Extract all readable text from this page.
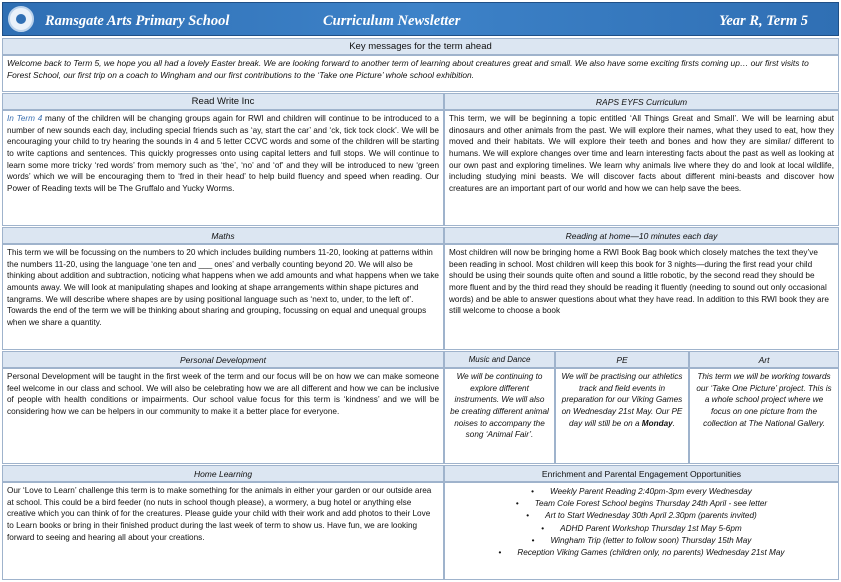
Ramsgate Arts Primary School	Curriculum Newsletter	Year R, Term 5
Key messages for the term ahead
Welcome back to Term 5, we hope you all had a lovely Easter break. We are looking forward to another term of learning about creatures great and small. We also have some exciting firsts coming up… our first visits to Forest School, our first trip on a coach to Wingham and our first contributions to the ‘Take one Picture’ whole school exhibition.
Read Write Inc	RAPS EYFS Curriculum
In Term 4 many of the children will be changing groups again for RWI and children will continue to be introduced to a number of new sounds each day, including special friends such as ‘ay, start the car’ and ‘ck, tick tock clock’. We will be encouraging your child to try hearing the sounds in 4 and 5 letter CCVC words and some of the children will be starting to write captions and sentences. This quickly progresses onto using capital letters and full stops. We will continue to learn some more tricky ‘red words’ from memory such as ‘the’, ‘no’ and ‘of’ and they will be introduced to new ‘green words’ which we will be encouraging them to ‘fred in their head’ to help build fluency and speed when reading. Our Power of Reading texts will be The Gruffalo and Yucky Worms.
This term, we will be beginning a topic entitled ‘All Things Great and Small’. We will be learning abut dinosaurs and other animals from the past. We will explore their names, what they used to eat, how they moved and their habitats. We will explore their teeth and bones and how they are similar/ different to humans. We will explore changes over time and learn interesting facts about the past as well as looking at our own past and exploring timelines. We learn why animals live where they do and look at local wildlife, including studying mini beasts. We will discover facts about different mini-beasts and discover how creatures are an important part of our world and how we can help save the bees.
Maths	Reading at home—10 minutes each day
This term we will be focussing on the numbers to 20 which includes building numbers 11-20, looking at patterns within the numbers 11-20, using the language ‘one ten and ___ ones’ and verbally counting beyond 20. We will also be thinking about addition and subtraction, noticing what happens when we add amounts and what happens when we take amounts away. We will look at manipulating shapes and looking at shape arrangements within shape pictures and tangrams. We will describe where shapes are by using positional language such as ‘next to, under, to the left of’. Towards the end of the term we will be thinking about sharing and grouping, focussing on equal and unequal groups when we share a quantity.
Most children will now be bringing home a RWI Book Bag book which closely matches the text they’ve been reading in school. Most children will keep this book for 3 nights—during the first read your child should be using their sounds quite often and sound a little robotic, by the second read they should be more fluent and by the third read they should be reading it fluently (needing to sound out only occasional words) and be able to answer questions about what they have read. In addition to this RWI book they are still welcome to choose a book
Personal Development	Music and Dance	PE	Art
Personal Development will be taught in the first week of the term and our focus will be on how we can make someone feel welcome in our class and school. We will also be celebrating how we are all different and how we can be inclusive of people with health conditions or impairments. Our school value focus for this term is ‘kindness’ and we will be considering how we can be helpers in our community to make it a better place for everyone.
We will be continuing to explore different instruments. We will also be creating different animal noises to accompany the song ‘Animal Fair’.
We will be practising our athletics track and field events in preparation for our Viking Games on Wednesday 21st May. Our PE day will still be on a Monday.
This term we will be working towards our ‘Take One Picture’ project. This is a whole school project where we focus on one picture from the collection at The National Gallery.
Home Learning	Enrichment and Parental Engagement Opportunities
Our ‘Love to Learn’ challenge this term is to make something for the animals in either your garden or our outside area at school. This could be a bird feeder (no nuts in school though please), a wormery, a bug hotel or anything else creative which you can think of for the creatures. Please guide your child with their work and add photos to their Love to Learn books or bring in their finished product during the last week of term to show us. Have fun, we are looking forward to seeing and hearing all about your creations.
• Weekly Parent Reading 2:40pm-3pm every Wednesday
• Team Cole Forest School begins Thursday 24th April - see letter
• Art to Start Wednesday 30th April 2.30pm (parents invited)
• ADHD Parent Workshop Thursday 1st May 5-6pm
• Wingham Trip (letter to follow soon) Thursday 15th May
• Reception Viking Games (children only, no parents) Wednesday 21st May
